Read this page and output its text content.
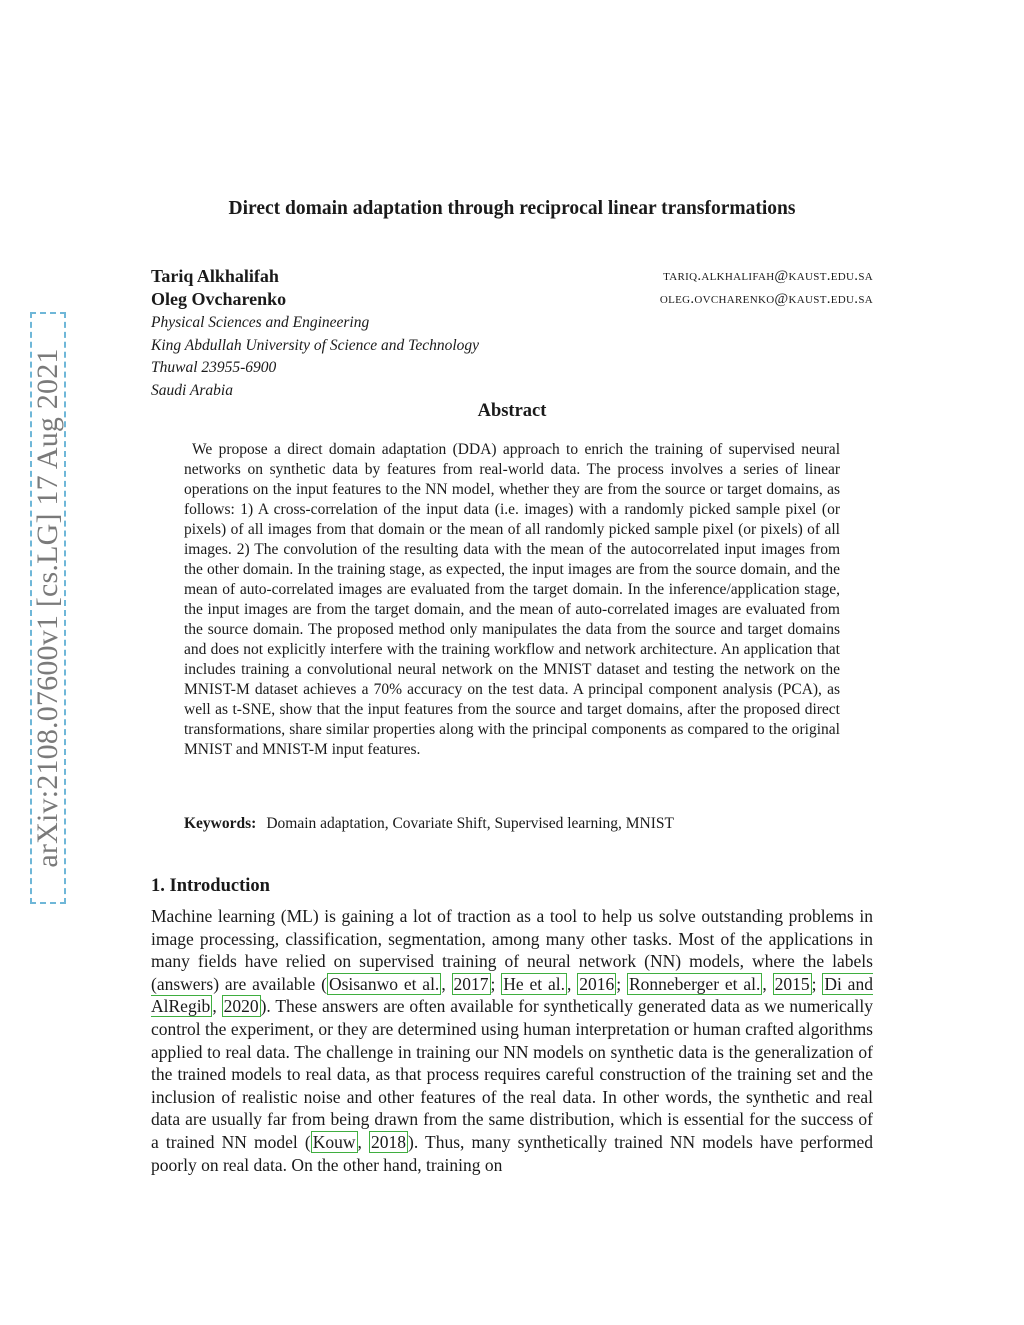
arXiv:2108.07600v1 [cs.LG] 17 Aug 2021
Direct domain adaptation through reciprocal linear transformations
Tariq Alkhalifah	tariq.alkhalifah@kaust.edu.sa
Oleg Ovcharenko	oleg.ovcharenko@kaust.edu.sa
Physical Sciences and Engineering
King Abdullah University of Science and Technology
Thuwal 23955-6900
Saudi Arabia
Abstract

We propose a direct domain adaptation (DDA) approach to enrich the training of supervised neural networks on synthetic data by features from real-world data. The process involves a series of linear operations on the input features to the NN model, whether they are from the source or target domains, as follows: 1) A cross-correlation of the input data (i.e. images) with a randomly picked sample pixel (or pixels) of all images from that domain or the mean of all randomly picked sample pixel (or pixels) of all images. 2) The convolution of the resulting data with the mean of the autocorrelated input images from the other domain. In the training stage, as expected, the input images are from the source domain, and the mean of auto-correlated images are evaluated from the target domain. In the inference/application stage, the input images are from the target domain, and the mean of auto-correlated images are evaluated from the source domain. The proposed method only manipulates the data from the source and target domains and does not explicitly interfere with the training workflow and network architecture. An application that includes training a convolutional neural network on the MNIST dataset and testing the network on the MNIST-M dataset achieves a 70% accuracy on the test data. A principal component analysis (PCA), as well as t-SNE, show that the input features from the source and target domains, after the proposed direct transformations, share similar properties along with the principal components as compared to the original MNIST and MNIST-M input features.

Keywords: Domain adaptation, Covariate Shift, Supervised learning, MNIST
1. Introduction

Machine learning (ML) is gaining a lot of traction as a tool to help us solve outstanding problems in image processing, classification, segmentation, among many other tasks. Most of the applications in many fields have relied on supervised training of neural network (NN) models, where the labels (answers) are available ( Osisanwo et al. , 2017 ; He et al. , 2016 ; Ronneberger et al. , 2015 ; Di and AlRegib , 2020 ). These answers are often available for synthetically generated data as we numerically control the experiment, or they are determined using human interpretation or human crafted algorithms applied to real data. The challenge in training our NN models on synthetic data is the generalization of the trained models to real data, as that process requires careful construction of the training set and the inclusion of realistic noise and other features of the real data. In other words, the synthetic and real data are usually far from being drawn from the same distribution, which is essential for the success of a trained NN model ( Kouw , 2018 ). Thus, many synthetically trained NN models have performed poorly on real data. On the other hand, training on
